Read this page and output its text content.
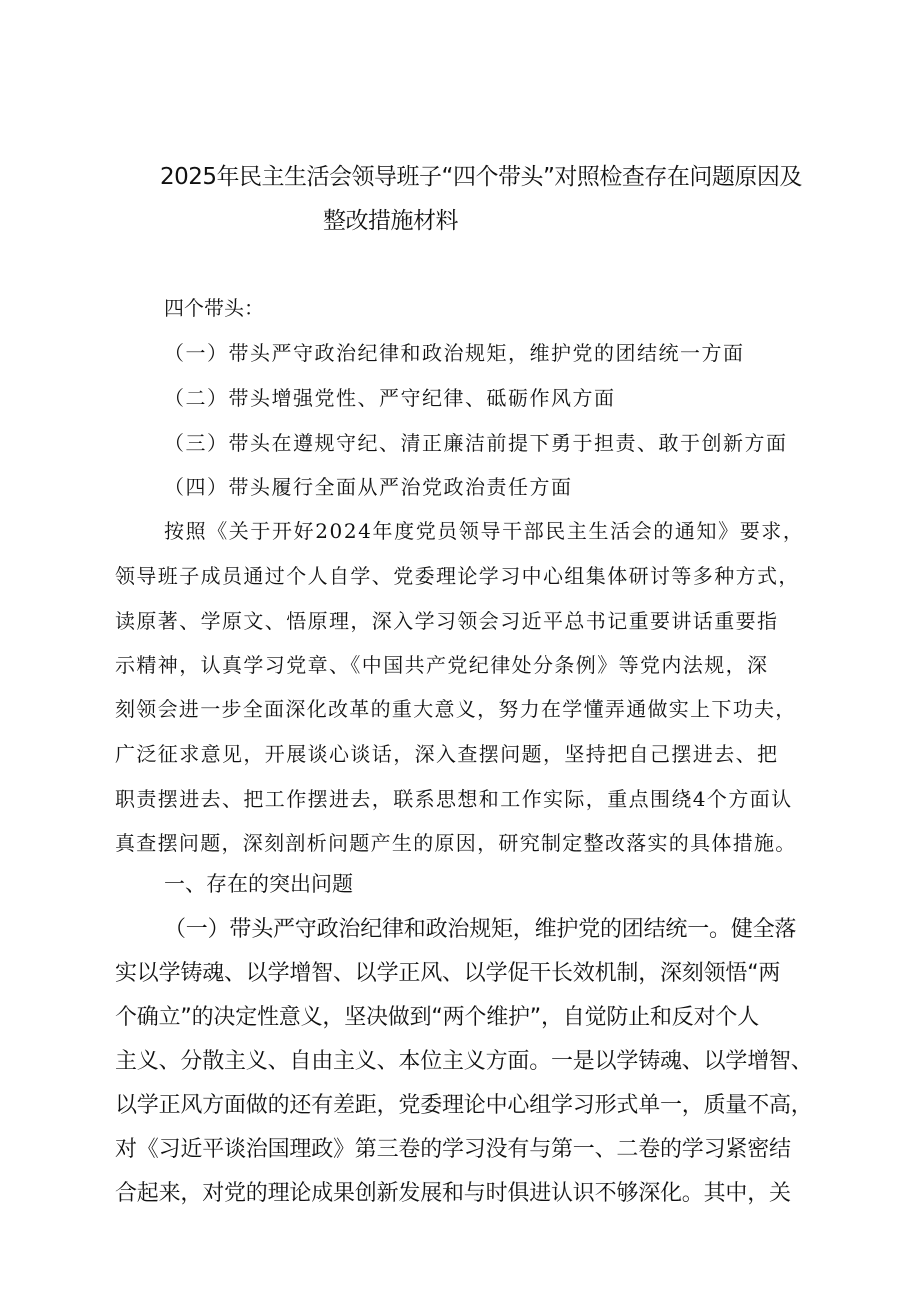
2025年民主生活会领导班子“四个带头”对照检查存在问题原因及
整改措施材料
四个带头：
（一）带头严守政治纪律和政治规矩，维护党的团结统一方面
（二）带头增强党性、严守纪律、砥砺作风方面
（三）带头在遵规守纪、清正廉洁前提下勇于担责、敢于创新方面
（四）带头履行全面从严治党政治责任方面
按照《关于开好2024年度党员领导干部民主生活会的通知》要求，
领导班子成员通过个人自学、党委理论学习中心组集体研讨等多种方式，
读原著、学原文、悟原理，深入学习领会习近平总书记重要讲话重要指
示精神，认真学习党章、《中国共产党纪律处分条例》等党内法规，深
刻领会进一步全面深化改革的重大意义，努力在学懂弄通做实上下功夫，
广泛征求意见，开展谈心谈话，深入查摆问题，坚持把自己摆进去、把
职责摆进去、把工作摆进去，联系思想和工作实际，重点围绕4个方面认
真查摆问题，深刻剖析问题产生的原因，研究制定整改落实的具体措施。
一、存在的突出问题
（一）带头严守政治纪律和政治规矩，维护党的团结统一。健全落
实以学铸魂、以学增智、以学正风、以学促干长效机制，深刻领悟“两
个确立”的决定性意义，坚决做到“两个维护”，自觉防止和反对个人
主义、分散主义、自由主义、本位主义方面。一是以学铸魂、以学增智、
以学正风方面做的还有差距，党委理论中心组学习形式单一，质量不高，
对《习近平谈治国理政》第三卷的学习没有与第一、二卷的学习紧密结
合起来，对党的理论成果创新发展和与时俱进认识不够深化。其中，关
